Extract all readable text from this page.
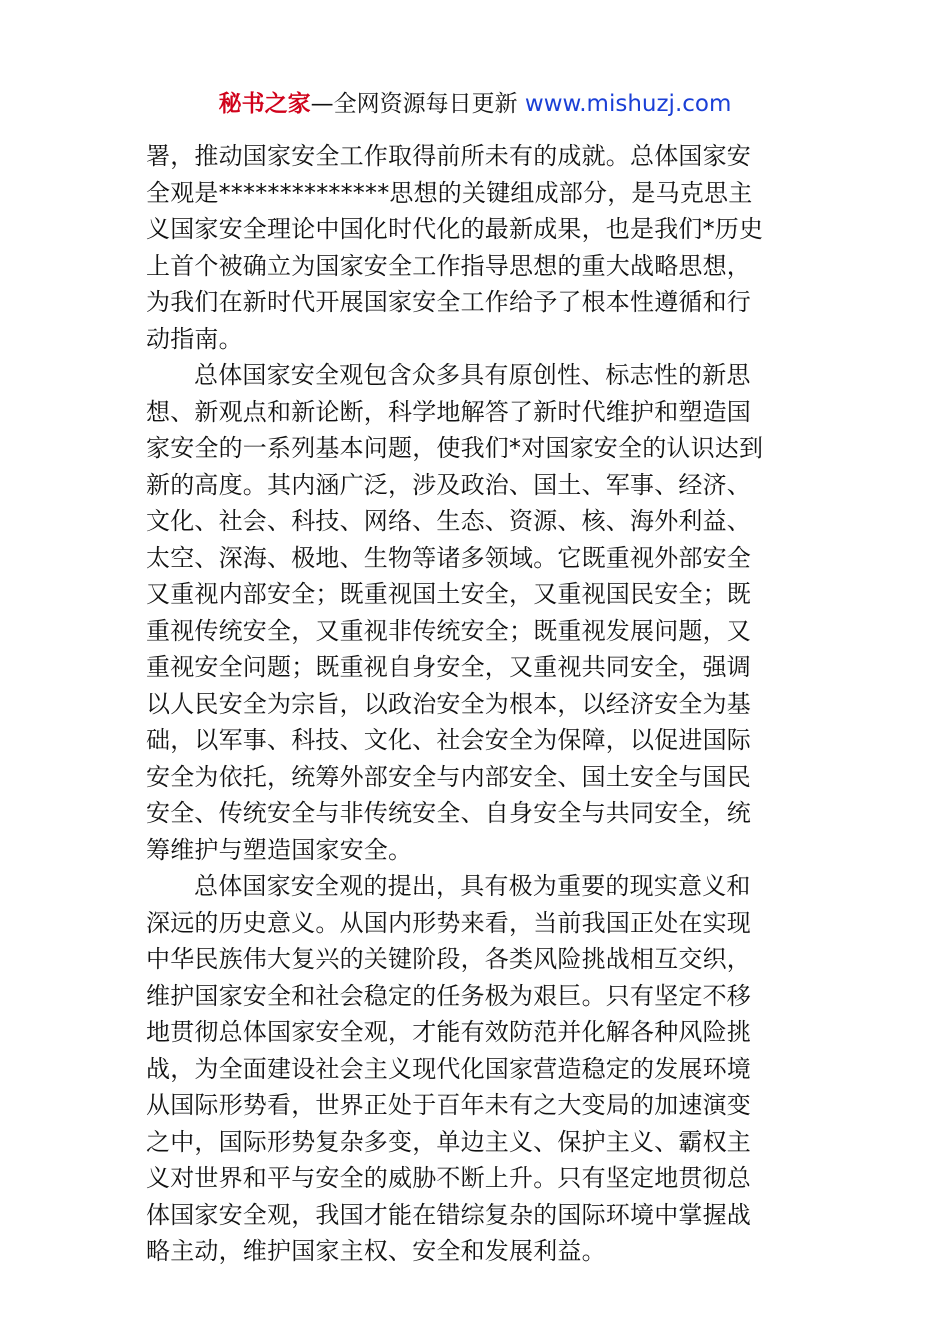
秘书之家—全网资源每日更新 www.mishuzj.com
署，推动国家安全工作取得前所未有的成就。总体国家安
全观是**************思想的关键组成部分，是马克思主
义国家安全理论中国化时代化的最新成果，也是我们*历史
上首个被确立为国家安全工作指导思想的重大战略思想，
为我们在新时代开展国家安全工作给予了根本性遵循和行
动指南。
总体国家安全观包含众多具有原创性、标志性的新思
想、新观点和新论断，科学地解答了新时代维护和塑造国
家安全的一系列基本问题，使我们*对国家安全的认识达到
新的高度。其内涵广泛，涉及政治、国土、军事、经济、
文化、社会、科技、网络、生态、资源、核、海外利益、
太空、深海、极地、生物等诸多领域。它既重视外部安全
又重视内部安全；既重视国土安全，又重视国民安全；既
重视传统安全，又重视非传统安全；既重视发展问题，又
重视安全问题；既重视自身安全，又重视共同安全，强调
以人民安全为宗旨，以政治安全为根本，以经济安全为基
础，以军事、科技、文化、社会安全为保障，以促进国际
安全为依托，统筹外部安全与内部安全、国土安全与国民
安全、传统安全与非传统安全、自身安全与共同安全，统
筹维护与塑造国家安全。
总体国家安全观的提出，具有极为重要的现实意义和
深远的历史意义。从国内形势来看，当前我国正处在实现
中华民族伟大复兴的关键阶段，各类风险挑战相互交织，
维护国家安全和社会稳定的任务极为艰巨。只有坚定不移
地贯彻总体国家安全观，才能有效防范并化解各种风险挑
战，为全面建设社会主义现代化国家营造稳定的发展环境
从国际形势看，世界正处于百年未有之大变局的加速演变
之中，国际形势复杂多变，单边主义、保护主义、霸权主
义对世界和平与安全的威胁不断上升。只有坚定地贯彻总
体国家安全观，我国才能在错综复杂的国际环境中掌握战
略主动，维护国家主权、安全和发展利益。
